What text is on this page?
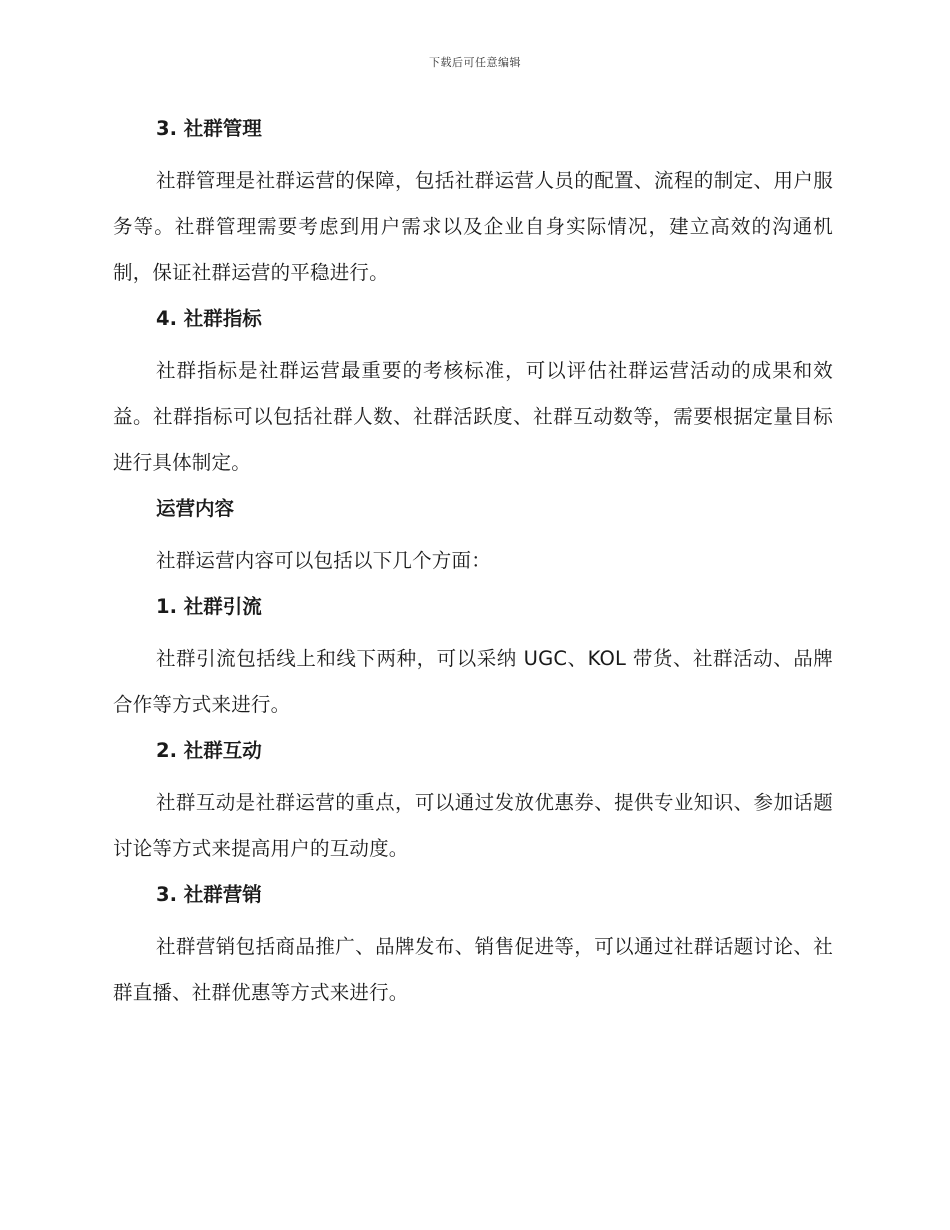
下载后可任意编辑
3. 社群管理

社群管理是社群运营的保障，包括社群运营人员的配置、流程的制定、用户服务等。社群管理需要考虑到用户需求以及企业自身实际情况，建立高效的沟通机制，保证社群运营的平稳进行。

4. 社群指标

社群指标是社群运营最重要的考核标准，可以评估社群运营活动的成果和效益。社群指标可以包括社群人数、社群活跃度、社群互动数等，需要根据定量目标进行具体制定。

运营内容

社群运营内容可以包括以下几个方面：

1. 社群引流

社群引流包括线上和线下两种，可以采纳 UGC、KOL 带货、社群活动、品牌合作等方式来进行。

2. 社群互动

社群互动是社群运营的重点，可以通过发放优惠券、提供专业知识、参加话题讨论等方式来提高用户的互动度。

3. 社群营销

社群营销包括商品推广、品牌发布、销售促进等，可以通过社群话题讨论、社群直播、社群优惠等方式来进行。
